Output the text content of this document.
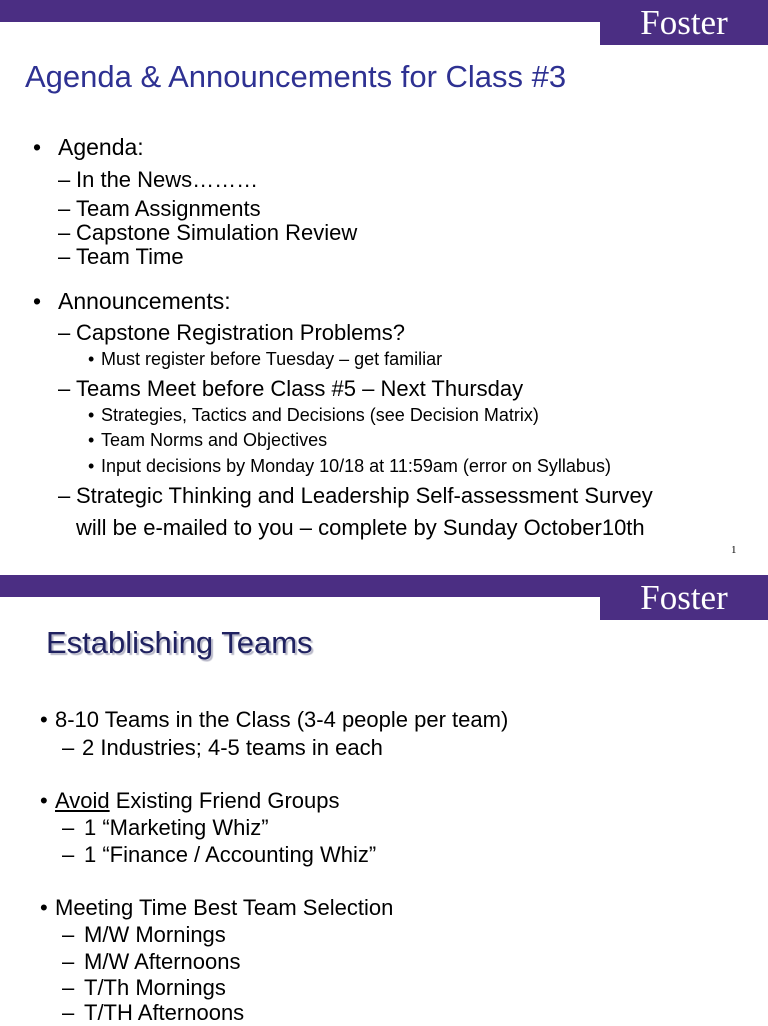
Foster
Agenda & Announcements for Class #3
• Agenda:
– In the News………
– Team Assignments
– Capstone Simulation Review
– Team Time
• Announcements:
– Capstone Registration Problems?
• Must register before Tuesday – get familiar
– Teams Meet before Class #5 – Next Thursday
• Strategies, Tactics and Decisions (see Decision Matrix)
• Team Norms and Objectives
• Input decisions by Monday 10/18 at 11:59am (error on Syllabus)
– Strategic Thinking and Leadership Self-assessment Survey
will be e-mailed to you – complete by Sunday October10th
1
Foster
Establishing Teams
• 8-10 Teams in the Class (3-4 people per team)
– 2 Industries; 4-5 teams in each
• Avoid Existing Friend Groups
– 1 “Marketing Whiz”
– 1 “Finance / Accounting Whiz”
• Meeting Time Best Team Selection
– M/W Mornings
– M/W Afternoons
– T/Th Mornings
– T/TH Afternoons
